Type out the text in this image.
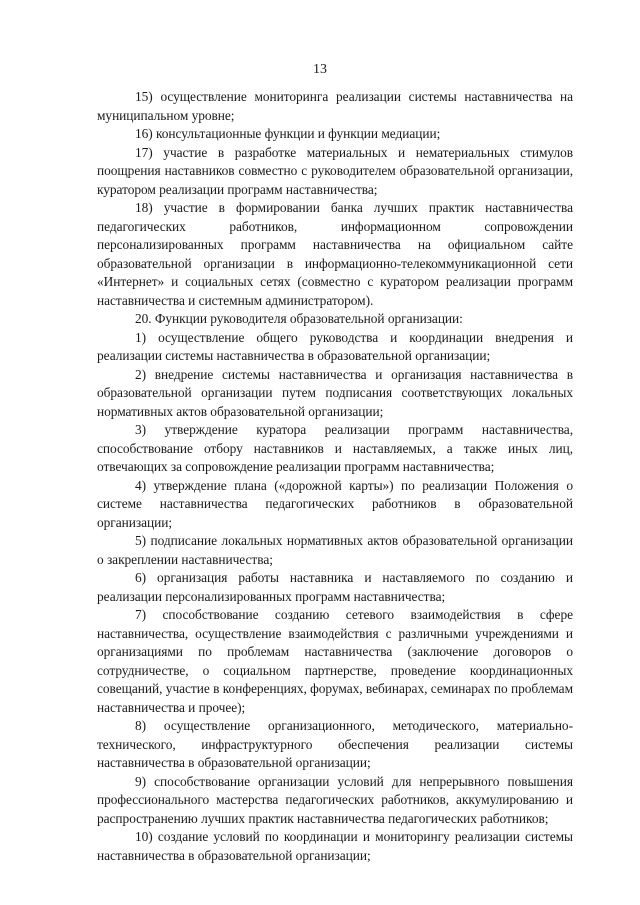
13

15) осуществление мониторинга реализации системы наставничества на муниципальном уровне;

16) консультационные функции и функции медиации;

17) участие в разработке материальных и нематериальных стимулов поощрения наставников совместно с руководителем образовательной организации, куратором реализации программ наставничества;

18) участие в формировании банка лучших практик наставничества педагогических работников, информационном сопровождении персонализированных программ наставничества на официальном сайте образовательной организации в информационно-телекоммуникационной сети «Интернет» и социальных сетях (совместно с куратором реализации программ наставничества и системным администратором).

20. Функции руководителя образовательной организации:

1) осуществление общего руководства и координации внедрения и реализации системы наставничества в образовательной организации;

2) внедрение системы наставничества и организация наставничества в образовательной организации путем подписания соответствующих локальных нормативных актов образовательной организации;

3) утверждение куратора реализации программ наставничества, способствование отбору наставников и наставляемых, а также иных лиц, отвечающих за сопровождение реализации программ наставничества;

4) утверждение плана («дорожной карты») по реализации Положения о системе наставничества педагогических работников в образовательной организации;

5) подписание локальных нормативных актов образовательной организации о закреплении наставничества;

6) организация работы наставника и наставляемого по созданию и реализации персонализированных программ наставничества;

7) способствование созданию сетевого взаимодействия в сфере наставничества, осуществление взаимодействия с различными учреждениями и организациями по проблемам наставничества (заключение договоров о сотрудничестве, о социальном партнерстве, проведение координационных совещаний, участие в конференциях, форумах, вебинарах, семинарах по проблемам наставничества и прочее);

8) осуществление организационного, методического, материально-технического, инфраструктурного обеспечения реализации системы наставничества в образовательной организации;

9) способствование организации условий для непрерывного повышения профессионального мастерства педагогических работников, аккумулированию и распространению лучших практик наставничества педагогических работников;

10) создание условий по координации и мониторингу реализации системы наставничества в образовательной организации;
